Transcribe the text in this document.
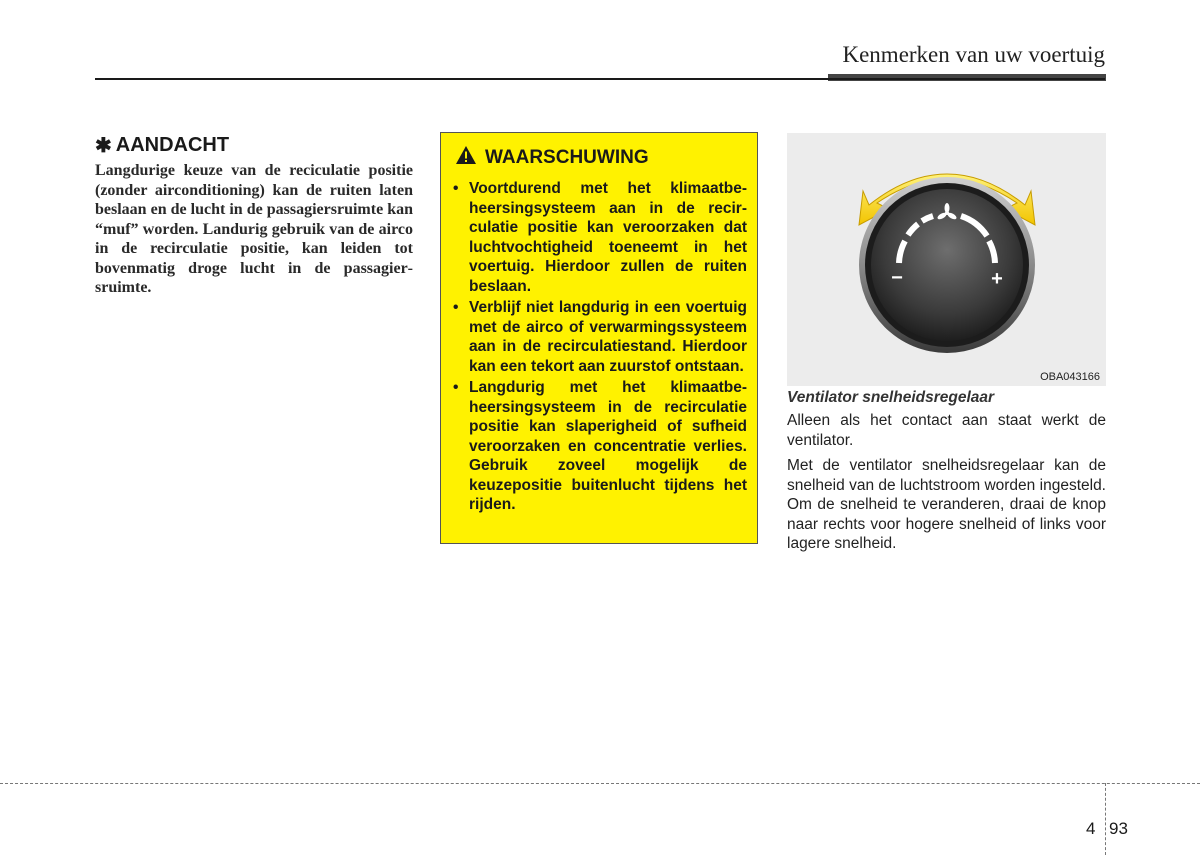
Kenmerken van uw voertuig
✱ AANDACHT

Langdurige keuze van de reciculatie positie (zonder airconditioning) kan de ruiten laten beslaan en de lucht in de passagiersruimte kan “muf” worden. Landurig gebruik van de airco in de recirculatie positie, kan leiden tot bovenmatig droge lucht in de passagiersruimte.

WAARSCHUWING
• Voortdurend met het klimaatbeheersingsysteem aan in de recirculatie positie kan veroorzaken dat luchtvochtigheid toeneemt in het voertuig. Hierdoor zullen de ruiten beslaan.
• Verblijf niet langdurig in een voertuig met de airco of verwarmingssysteem aan in de recirculatiestand. Hierdoor kan een tekort aan zuurstof ontstaan.
• Langdurig met het klimaatbeheersingsysteem in de recirculatie positie kan slaperigheid of sufheid veroorzaken en concentratie verlies. Gebruik zoveel mogelijk de keuzepositie buitenlucht tijdens het rijden.
−	+
OBA043166
Ventilator snelheidsregelaar

Alleen als het contact aan staat werkt de ventilator.

Met de ventilator snelheidsregelaar kan de snelheid van de luchtstroom worden ingesteld. Om de snelheid te veranderen, draai de knop naar rechts voor hogere snelheid of links voor lagere snelheid.

4 93
